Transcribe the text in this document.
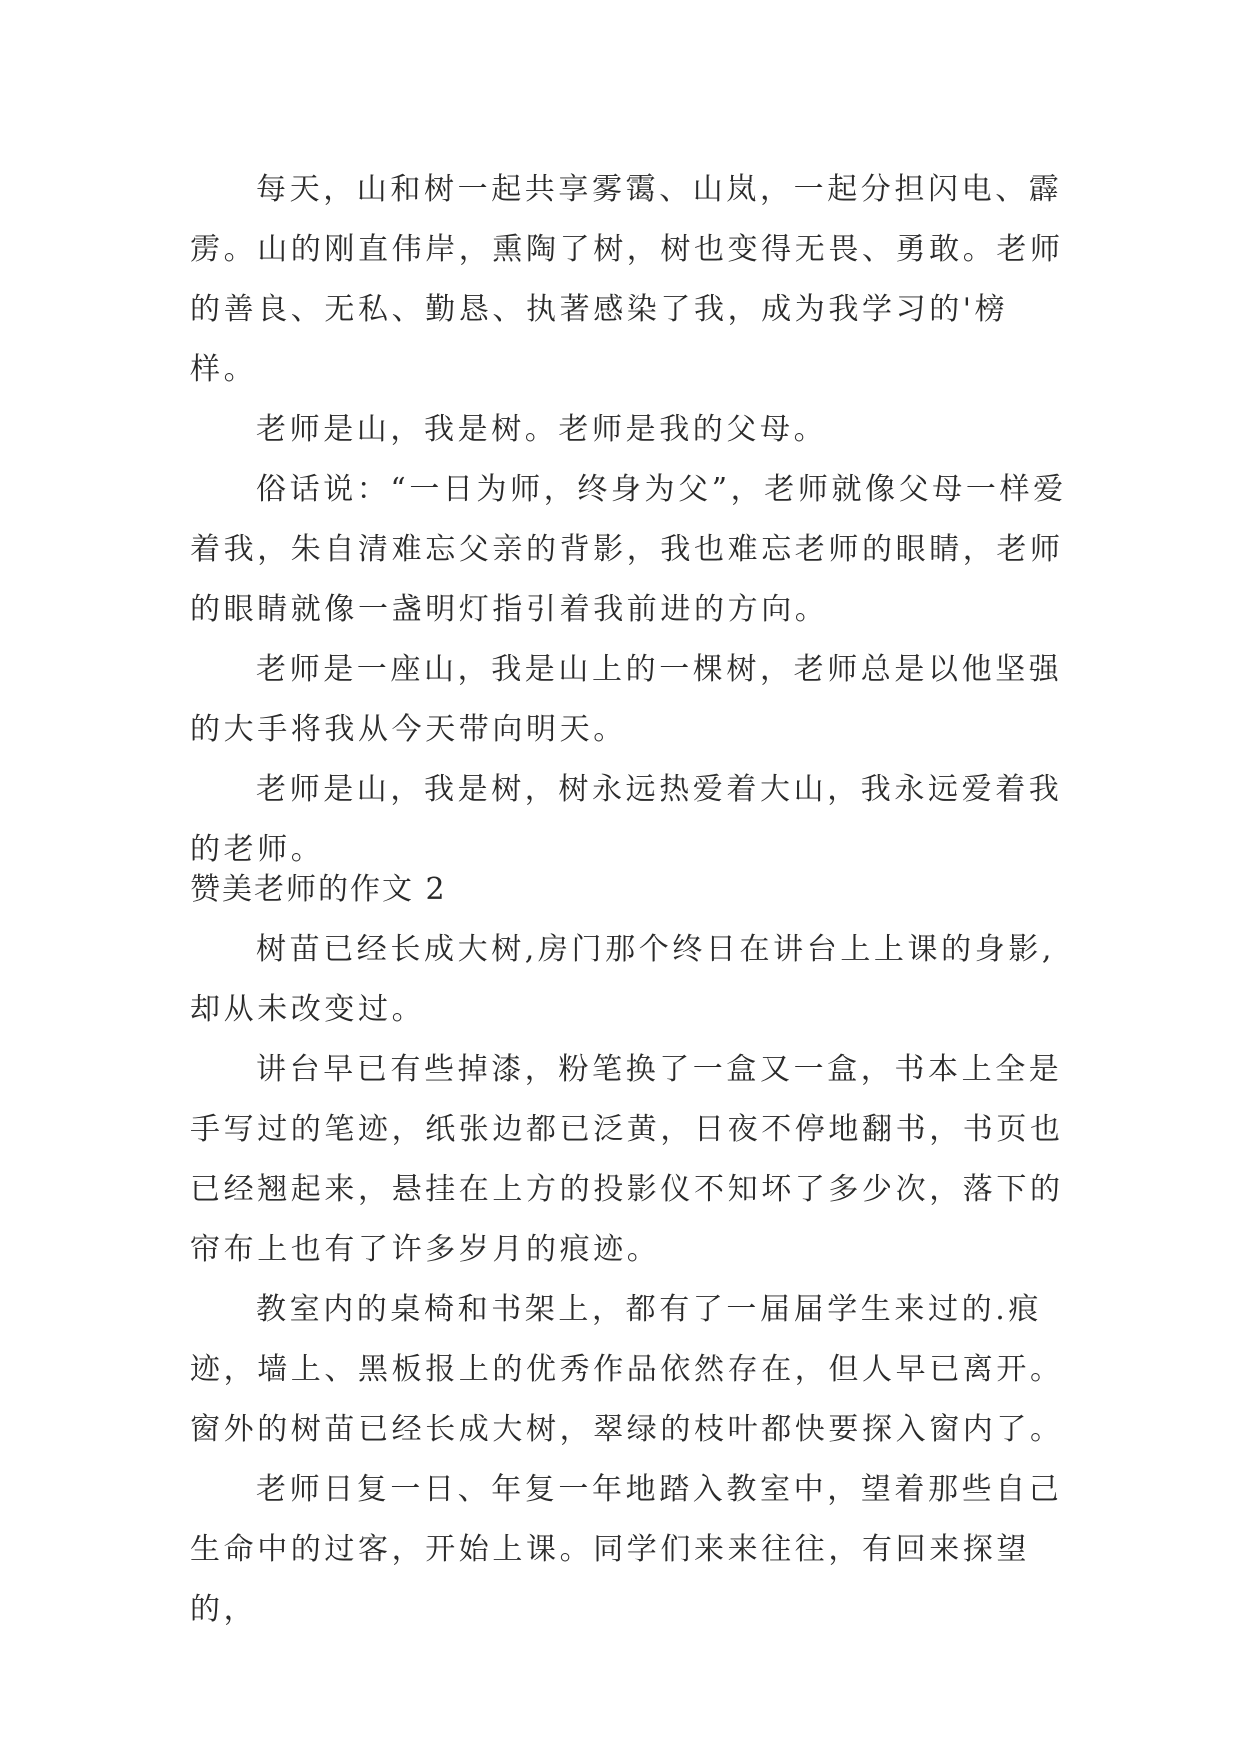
每天，山和树一起共享雾霭、山岚，一起分担闪电、霹雳。山的刚直伟岸，熏陶了树，树也变得无畏、勇敢。老师的善良、无私、勤恳、执著感染了我，成为我学习的'榜样。

老师是山，我是树。老师是我的父母。

俗话说：“一日为师，终身为父”，老师就像父母一样爱着我，朱自清难忘父亲的背影，我也难忘老师的眼睛，老师的眼睛就像一盏明灯指引着我前进的方向。

老师是一座山，我是山上的一棵树，老师总是以他坚强的大手将我从今天带向明天。

老师是山，我是树，树永远热爱着大山，我永远爱着我的老师。

赞美老师的作文 2

树苗已经长成大树,房门那个终日在讲台上上课的身影,却从未改变过。

讲台早已有些掉漆，粉笔换了一盒又一盒，书本上全是手写过的笔迹，纸张边都已泛黄，日夜不停地翻书，书页也已经翘起来，悬挂在上方的投影仪不知坏了多少次，落下的帘布上也有了许多岁月的痕迹。

教室内的桌椅和书架上，都有了一届届学生来过的.痕迹，墙上、黑板报上的优秀作品依然存在，但人早已离开。窗外的树苗已经长成大树，翠绿的枝叶都快要探入窗内了。

老师日复一日、年复一年地踏入教室中，望着那些自己生命中的过客，开始上课。同学们来来往往，有回来探望的，
